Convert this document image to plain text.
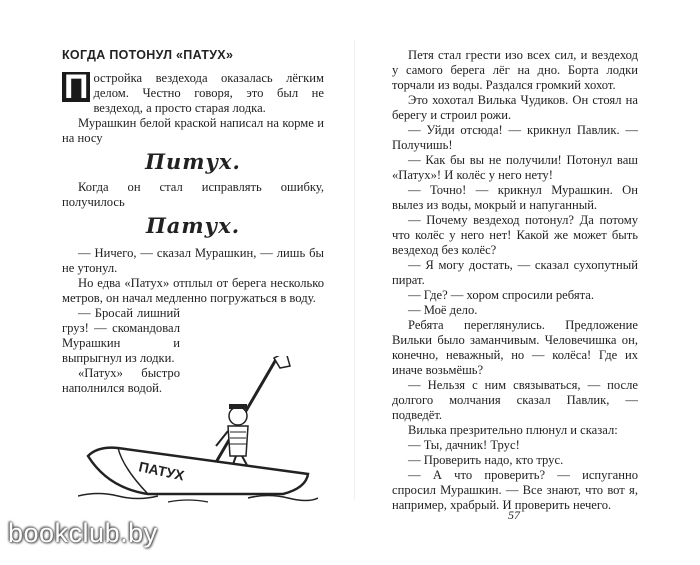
КОГДА ПОТОНУЛ «ПАТУХ»

П остройка вездехода оказалась лёгким делом. Честно говоря, это был не вездеход, а просто старая лодка.

Мурашкин белой краской написал на корме и на носу

Питух.

Когда он стал исправлять ошибку, получилось

Патух.

— Ничего, — сказал Мурашкин, — лишь бы не утонул.

Но едва «Патух» отплыл от берега несколько метров, он начал медленно погружаться в воду.

— Бросай лишний груз! — скомандовал Мурашкин и выпрыгнул из лодки.

«Патух» быстро наполнился водой.

ПАТУХ

Петя стал грести изо всех сил, и вездеход у самого берега лёг на дно. Борта лодки торчали из воды. Раздался громкий хохот.

Это хохотал Вилька Чудиков. Он стоял на берегу и строил рожи.

— Уйди отсюда! — крикнул Павлик. — Получишь!

— Как бы вы не получили! Потонул ваш «Патух»! И колёс у него нету!

— Точно! — крикнул Мурашкин. Он вылез из воды, мокрый и напуганный.

— Почему вездеход потонул? Да потому что колёс у него нет! Какой же может быть вездеход без колёс?

— Я могу достать, — сказал сухопутный пират.

— Где? — хором спросили ребята.

— Моё дело.

Ребята переглянулись. Предложение Вильки было заманчивым. Человечишка он, конечно, неважный, но — колёса! Где их иначе возьмёшь?

— Нельзя с ним связываться, — после долгого молчания сказал Павлик, — подведёт.

Вилька презрительно плюнул и сказал:

— Ты, дачник! Трус!

— Проверить надо, кто трус.

— А что проверить? — испуганно спросил Мурашкин. — Все знают, что вот я, например, храбрый. И проверить нечего.

57
bookclub.by
